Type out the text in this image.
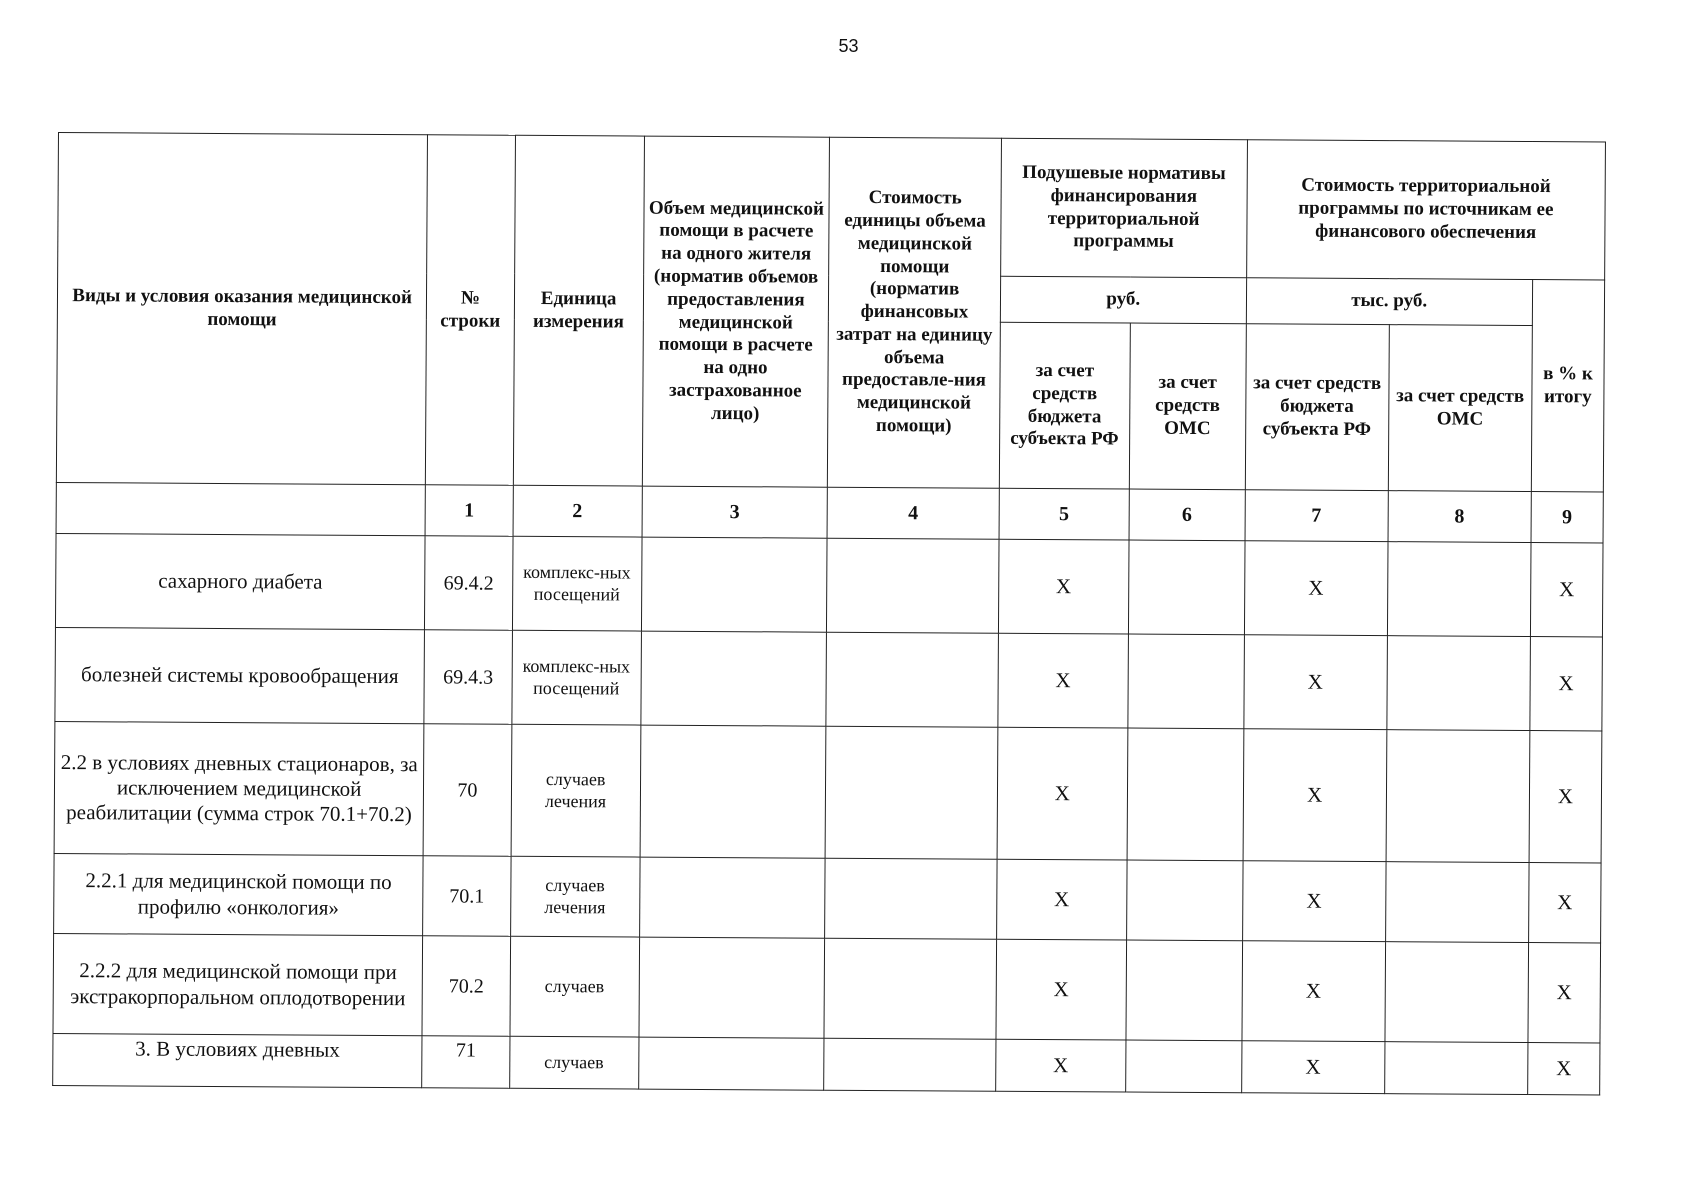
53
Виды и условия оказания медицинской помощи	№ строки	Единица измерения	Объем медицинской помощи в расчете на одного жителя (норматив объемов предоставления медицинской помощи в расчете на одно застрахованное лицо)	Стоимость единицы объема медицинской помощи (норматив финансовых затрат на единицу объема предоставле-ния медицинской помощи)	Подушевые нормативы финансирования территориальной программы		Стоимость территориальной программы по источникам ее финансового обеспечения		
					руб.		тыс. руб.		в % к итогу
					за счет средств бюджета субъекта РФ	за счет средств ОМС	за счет средств бюджета субъекта РФ	за счет средств ОМС	
	1	2	3	4	5	6	7	8	9
сахарного диабета	69.4.2	комплекс-ных посещений			Х		Х		Х
болезней системы кровообращения	69.4.3	комплекс-ных посещений			Х		Х		Х
2.2 в условиях дневных стационаров, за исключением медицинской реабилитации (сумма строк 70.1+70.2)	70	случаев лечения			Х		Х		Х
2.2.1 для медицинской помощи по профилю «онкология»	70.1	случаев лечения			Х		Х		Х
2.2.2 для медицинской помощи при экстракорпоральном оплодотворении	70.2	случаев			Х		Х		Х
3. В условиях дневных	71	случаев			Х		Х		Х
